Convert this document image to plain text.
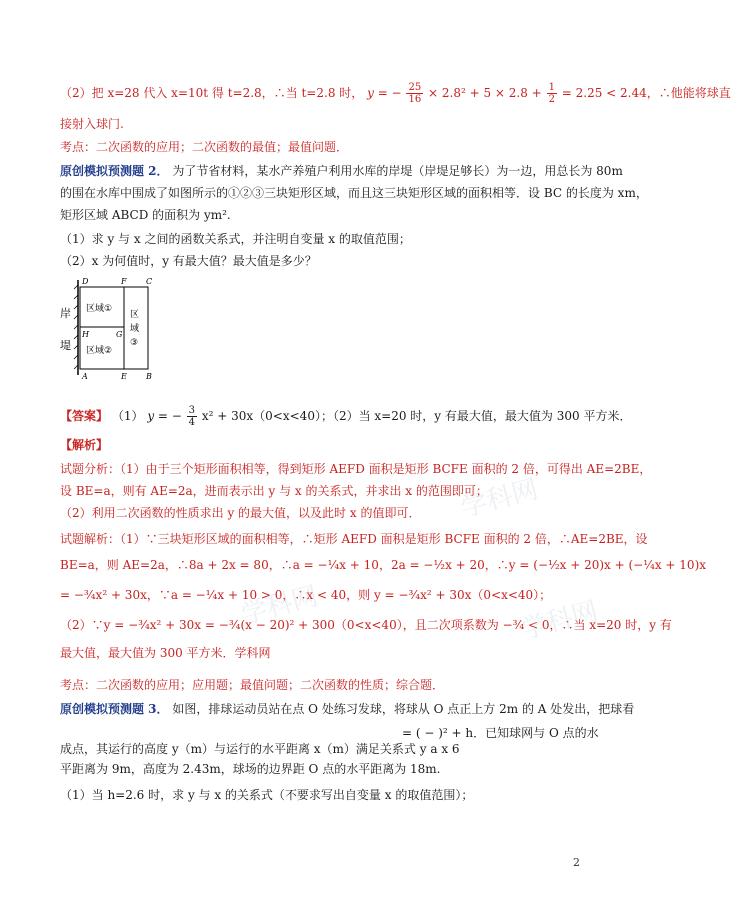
（2）把 x=28 代入 x=10t 得 t=2.8，∴当 t=2.8 时， y = − $\frac{25}{16} \times 2.8^2 + 5 \times 2.8 + \frac{1}{2} = 2.25 < 2.44$，∴他能将球直
接射入球门.
考点：二次函数的应用；二次函数的最值；最值问题．
原创模拟预测题 2． 为了节省材料，某水产养殖户利用水库的岸堤（岸堤足够长）为一边，用总长为 80m
的围在水库中围成了如图所示的①②③三块矩形区域，而且这三块矩形区域的面积相等．设 BC 的长度为 xm，
矩形区域 ABCD 的面积为 ym².
（1）求 y 与 x 之间的函数关系式，并注明自变量 x 的取值范围；
（2）x 为何值时，y 有最大值？最大值是多少？
岸
堤
D	F C
H	G
A	E B
区域①
区域②
区
域
③
【答案】 （1） y = − $\frac{3}{4} x^2 + 30x(0<x<40)$；（2）当 x=20 时，y 有最大值，最大值为 300 平方米．
【解析】
试题分析：（1）由于三个矩形面积相等，得到矩形 AEFD 面积是矩形 BCFE 面积的 2 倍，可得出 AE=2BE，
设 BE=a，则有 AE=2a，进而表示出 y 与 x 的关系式，并求出 x 的范围即可；
（2）利用二次函数的性质求出 y 的最大值，以及此时 x 的值即可．
试题解析：（1）∵三块矩形区域的面积相等，∴矩形 AEFD 面积是矩形 BCFE 面积的 2 倍，∴AE=2BE，设
BE=a，则 AE=2a，∴8a + 2x = 80，∴a = −¹⁄₄x + 10，2a = −¹⁄₂x + 20，∴y = (−¹⁄₂x + 20)x + (−¹⁄₄x + 10)x
= −³⁄₄x² + 30x，∵a = −¹⁄₄x + 10 > 0，∴x < 40，则 y = −³⁄₄x² + 30x（0<x<40）；
（2）∵y = −³⁄₄x² + 30x = −³⁄₄(x − 20)² + 300（0<x<40），且二次项系数为 −³⁄₄ < 0，∴当 x=20 时，y 有
最大值，最大值为 300 平方米．学科网
考点：二次函数的应用；应用题；最值问题；二次函数的性质；综合题．
原创模拟预测题 3． 如图，排球运动员站在点 O 处练习发球，将球从 O 点正上方 2m 的 A 处发出，把球看
= ( − )² + h．已知球网与 O 点的水
成点，其运行的高度 y（m）与运行的水平距离 x（m）满足关系式 y a x 6
平距离为 9m，高度为 2.43m，球场的边界距 O 点的水平距离为 18m.
（1）当 h=2.6 时，求 y 与 x 的关系式（不要求写出自变量 x 的取值范围）；
学科网
学科网	学科网
2
